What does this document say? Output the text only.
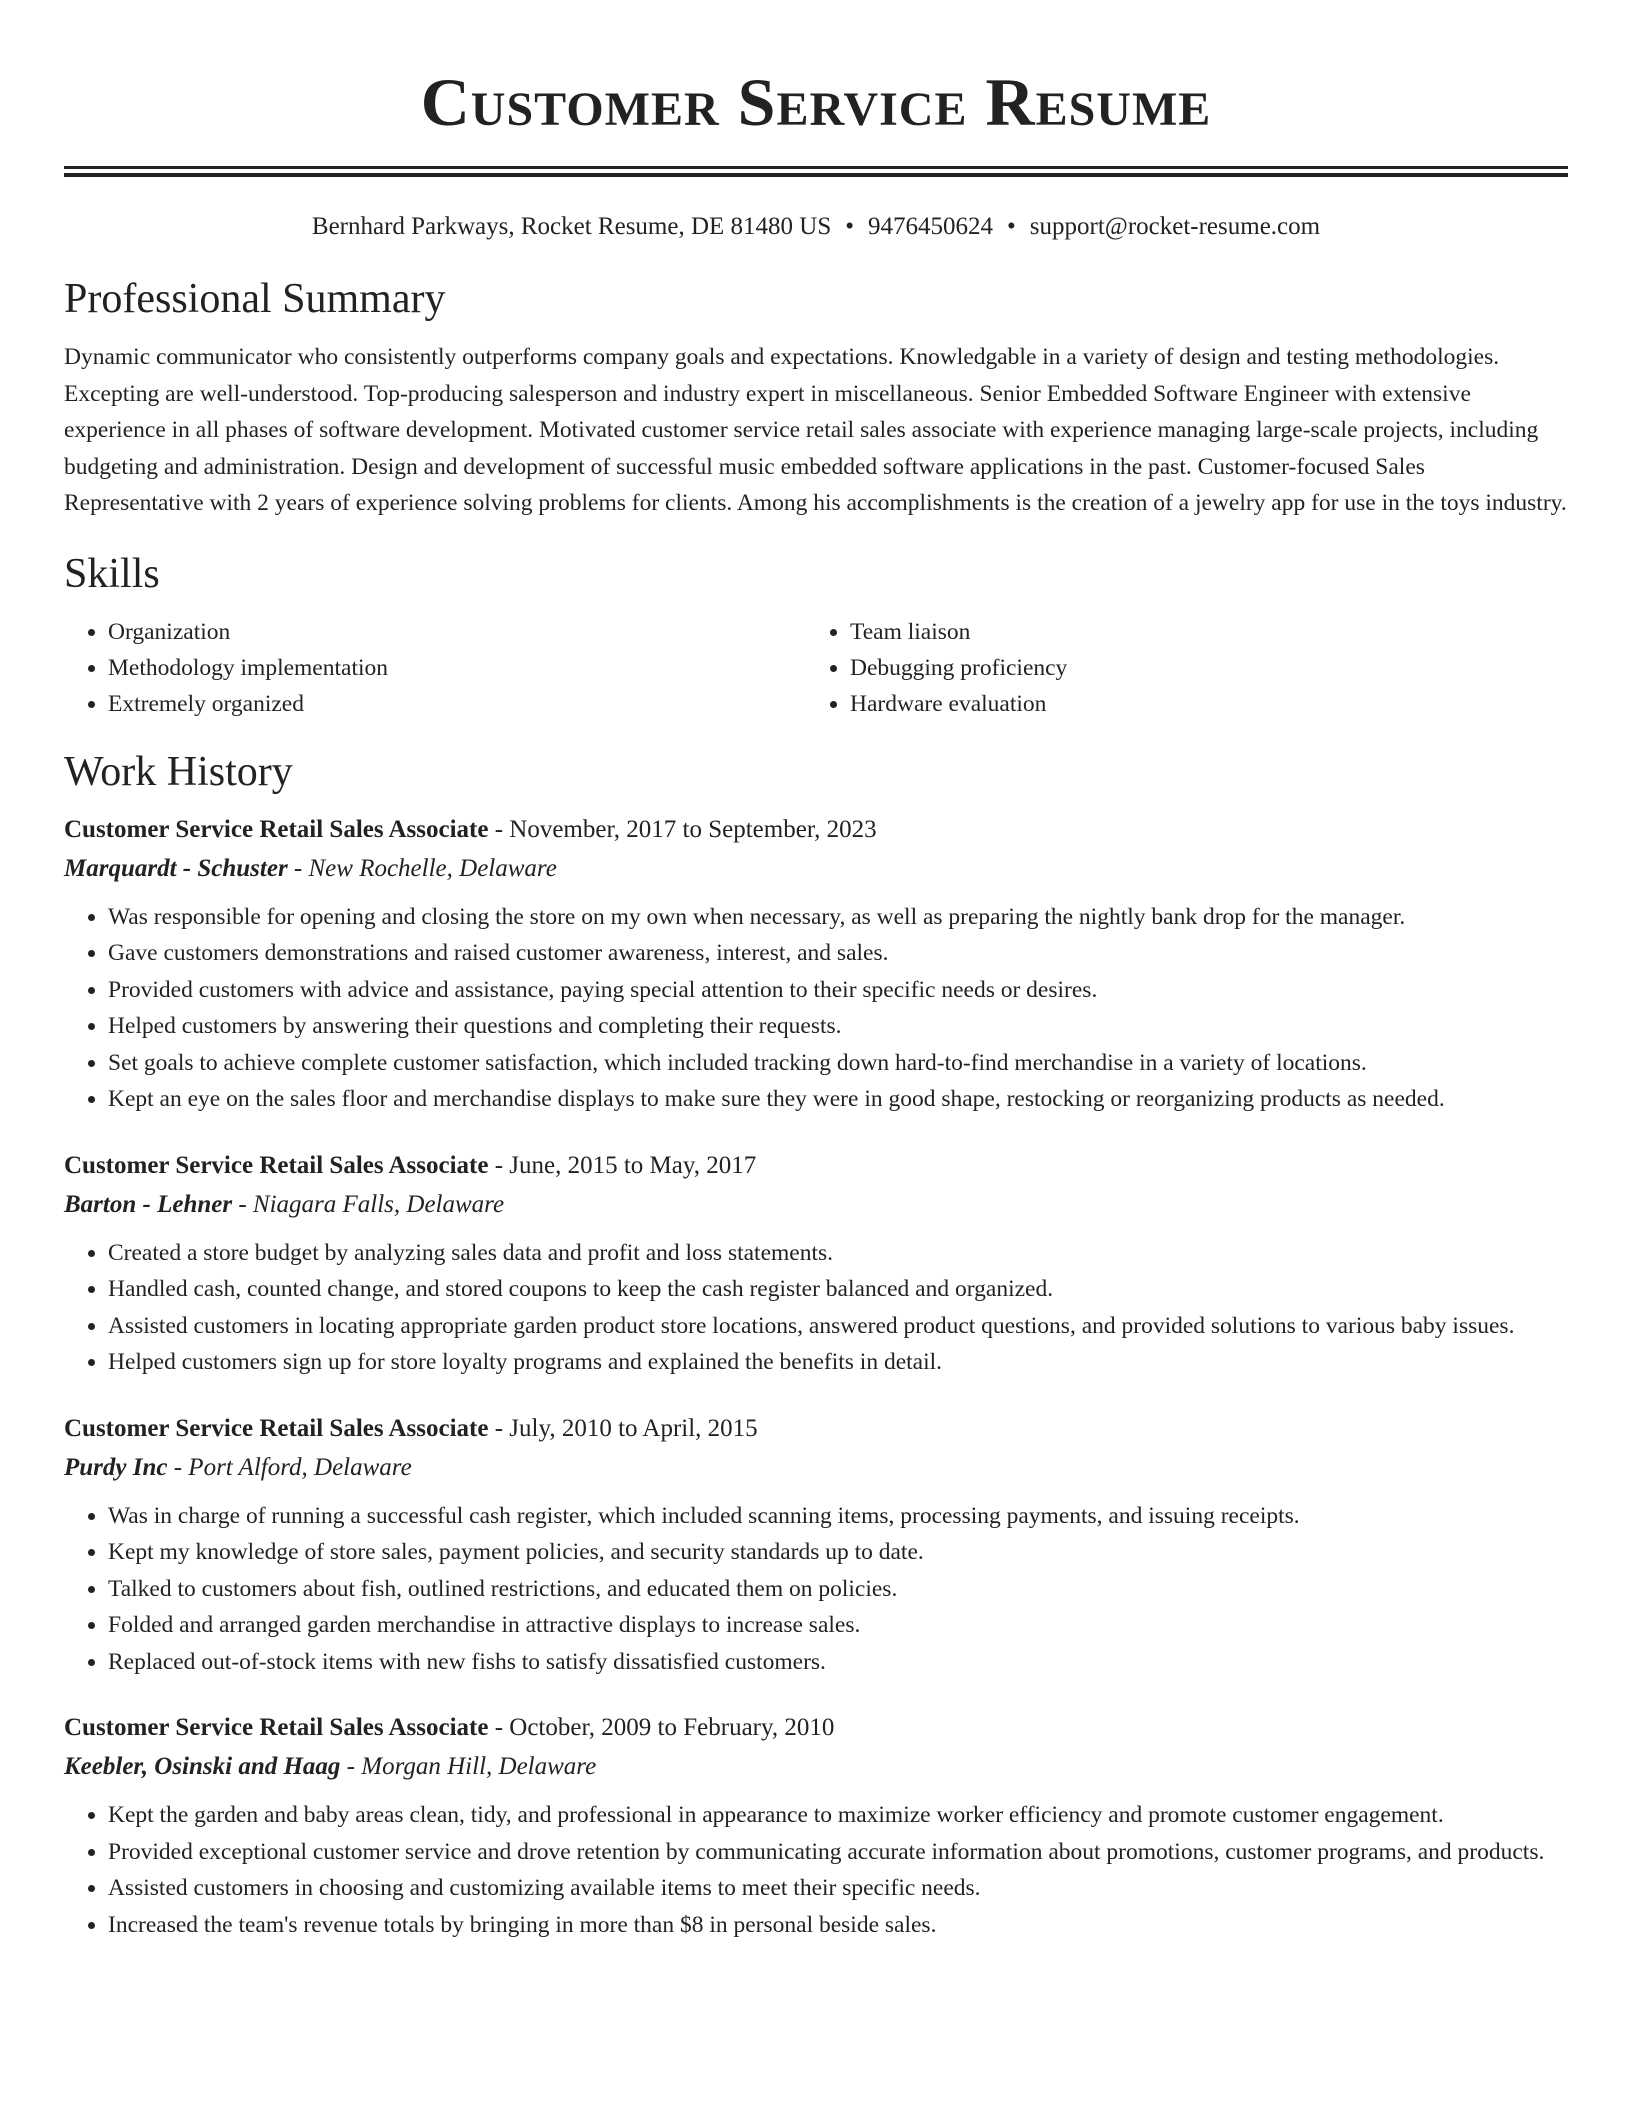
Customer Service Resume
Bernhard Parkways, Rocket Resume, DE 81480 US • 9476450624 • support@rocket-resume.com
Professional Summary
Dynamic communicator who consistently outperforms company goals and expectations. Knowledgable in a variety of design and testing methodologies. Excepting are well-understood. Top-producing salesperson and industry expert in miscellaneous. Senior Embedded Software Engineer with extensive experience in all phases of software development. Motivated customer service retail sales associate with experience managing large-scale projects, including budgeting and administration. Design and development of successful music embedded software applications in the past. Customer-focused Sales Representative with 2 years of experience solving problems for clients. Among his accomplishments is the creation of a jewelry app for use in the toys industry.
Skills
• Organization
• Methodology implementation
• Extremely organized
• Team liaison
• Debugging proficiency
• Hardware evaluation
Work History
Customer Service Retail Sales Associate - November, 2017 to September, 2023
Marquardt - Schuster - New Rochelle, Delaware
• Was responsible for opening and closing the store on my own when necessary, as well as preparing the nightly bank drop for the manager.
• Gave customers demonstrations and raised customer awareness, interest, and sales.
• Provided customers with advice and assistance, paying special attention to their specific needs or desires.
• Helped customers by answering their questions and completing their requests.
• Set goals to achieve complete customer satisfaction, which included tracking down hard-to-find merchandise in a variety of locations.
• Kept an eye on the sales floor and merchandise displays to make sure they were in good shape, restocking or reorganizing products as needed.
Customer Service Retail Sales Associate - June, 2015 to May, 2017
Barton - Lehner - Niagara Falls, Delaware
• Created a store budget by analyzing sales data and profit and loss statements.
• Handled cash, counted change, and stored coupons to keep the cash register balanced and organized.
• Assisted customers in locating appropriate garden product store locations, answered product questions, and provided solutions to various baby issues.
• Helped customers sign up for store loyalty programs and explained the benefits in detail.
Customer Service Retail Sales Associate - July, 2010 to April, 2015
Purdy Inc - Port Alford, Delaware
• Was in charge of running a successful cash register, which included scanning items, processing payments, and issuing receipts.
• Kept my knowledge of store sales, payment policies, and security standards up to date.
• Talked to customers about fish, outlined restrictions, and educated them on policies.
• Folded and arranged garden merchandise in attractive displays to increase sales.
• Replaced out-of-stock items with new fishs to satisfy dissatisfied customers.
Customer Service Retail Sales Associate - October, 2009 to February, 2010
Keebler, Osinski and Haag - Morgan Hill, Delaware
• Kept the garden and baby areas clean, tidy, and professional in appearance to maximize worker efficiency and promote customer engagement.
• Provided exceptional customer service and drove retention by communicating accurate information about promotions, customer programs, and products.
• Assisted customers in choosing and customizing available items to meet their specific needs.
• Increased the team's revenue totals by bringing in more than $8 in personal beside sales.
